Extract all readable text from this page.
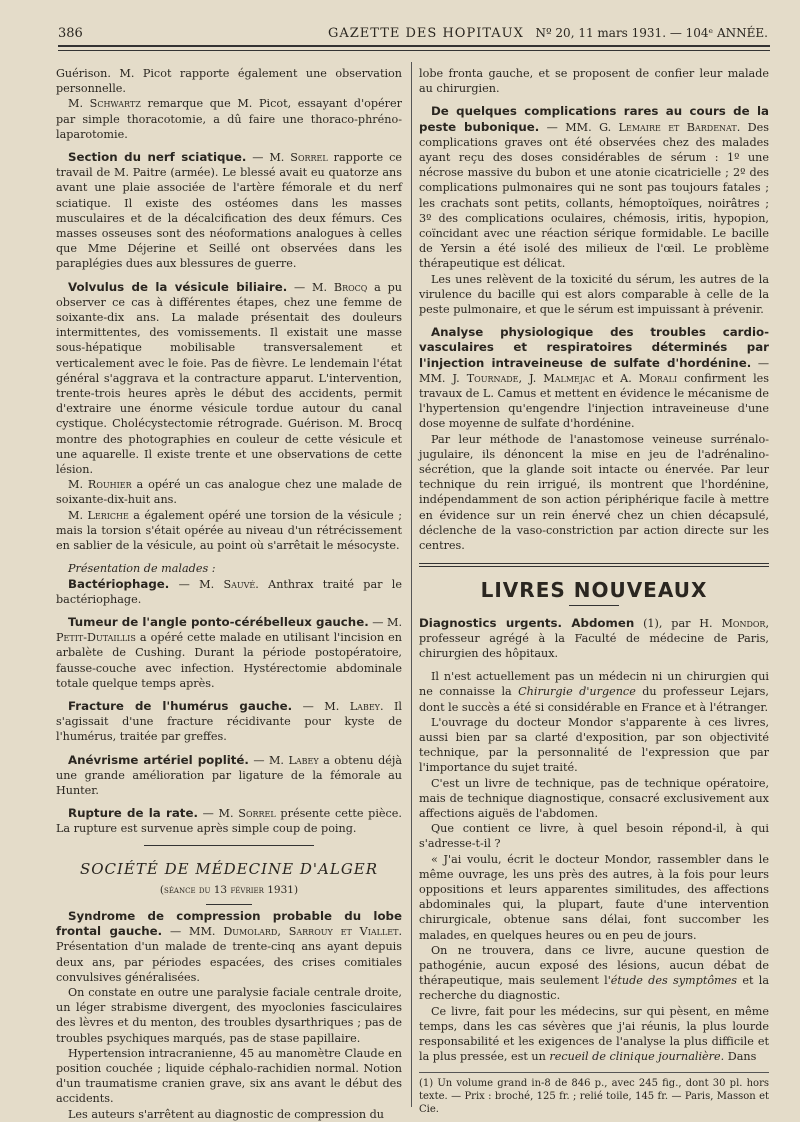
386	GAZETTE DES HOPITAUX Nº 20, 11 mars 1931. — 104ᵉ ANNÉE.

Guérison. M. Picot rapporte également une observation personnelle.

M. Schwartz remarque que M. Picot, essayant d'opérer par simple thoracotomie, a dû faire une thoraco-phréno-laparotomie.

Section du nerf sciatique. — M. Sorrel rapporte ce travail de M. Paitre (armée). Le blessé avait eu quatorze ans avant une plaie associée de l'artère fémorale et du nerf sciatique. Il existe des ostéomes dans les masses musculaires et de la décalcification des deux fémurs. Ces masses osseuses sont des néoformations analogues à celles que Mme Déjerine et Seillé ont observées dans les paraplégies dues aux blessures de guerre.

Volvulus de la vésicule biliaire. — M. Brocq a pu observer ce cas à différentes étapes, chez une femme de soixante-dix ans. La malade présentait des douleurs intermittentes, des vomissements. Il existait une masse sous-hépatique mobilisable transversalement et verticalement avec le foie. Pas de fièvre. Le lendemain l'état général s'aggrava et la contracture apparut. L'intervention, trente-trois heures après le début des accidents, permit d'extraire une énorme vésicule tordue autour du canal cystique. Cholécystectomie rétrograde. Guérison. M. Brocq montre des photographies en couleur de cette vésicule et une aquarelle. Il existe trente et une observations de cette lésion.

M. Rouhier a opéré un cas analogue chez une malade de soixante-dix-huit ans.

M. Leriche a également opéré une torsion de la vésicule ; mais la torsion s'était opérée au niveau d'un rétrécissement en sablier de la vésicule, au point où s'arrêtait le mésocyste.

Présentation de malades :

Bactériophage. — M. Sauvé. Anthrax traité par le bactériophage.

Tumeur de l'angle ponto-cérébelleux gauche. — M. Petit-Dutaillis a opéré cette malade en utilisant l'incision en arbalète de Cushing. Durant la période postopératoire, fausse-couche avec infection. Hystérectomie abdominale totale quelque temps après.

Fracture de l'humérus gauche. — M. Labey. Il s'agissait d'une fracture récidivante pour kyste de l'humérus, traitée par greffes.

Anévrisme artériel poplité. — M. Labey a obtenu déjà une grande amélioration par ligature de la fémorale au Hunter.

Rupture de la rate. — M. Sorrel présente cette pièce. La rupture est survenue après simple coup de poing.

SOCIÉTÉ DE MÉDECINE D'ALGER
(séance du 13 février 1931)

Syndrome de compression probable du lobe frontal gauche. — MM. Dumolard, Sarrouy et Viallet. Présentation d'un malade de trente-cinq ans ayant depuis deux ans, par périodes espacées, des crises comitiales convulsives généralisées.

On constate en outre une paralysie faciale centrale droite, un léger strabisme divergent, des myoclonies fasciculaires des lèvres et du menton, des troubles dysarthriques ; pas de troubles psychiques marqués, pas de stase papillaire.

Hypertension intracranienne, 45 au manomètre Claude en position couchée ; liquide céphalo-rachidien normal. Notion d'un traumatisme cranien grave, six ans avant le début des accidents.

Les auteurs s'arrêtent au diagnostic de compression du

lobe fronta gauche, et se proposent de confier leur malade au chirurgien.

De quelques complications rares au cours de la peste bubonique. — MM. G. Lemaire et Bardenat. Des complications graves ont été observées chez des malades ayant reçu des doses considérables de sérum : 1º une nécrose massive du bubon et une atonie cicatricielle ; 2º des complications pulmonaires qui ne sont pas toujours fatales ; les crachats sont petits, collants, hémoptoïques, noirâtres ; 3º des complications oculaires, chémosis, iritis, hypopion, coïncidant avec une réaction sérique formidable. Le bacille de Yersin a été isolé des milieux de l'œil. Le problème thérapeutique est délicat.

Les unes relèvent de la toxicité du sérum, les autres de la virulence du bacille qui est alors comparable à celle de la peste pulmonaire, et que le sérum est impuissant à prévenir.

Analyse physiologique des troubles cardio-vasculaires et respiratoires déterminés par l'injection intraveineuse de sulfate d'hordénine. — MM. J. Tournade, J. Malmejac et A. Morali confirment les travaux de L. Camus et mettent en évidence le mécanisme de l'hypertension qu'engendre l'injection intraveineuse d'une dose moyenne de sulfate d'hordénine.

Par leur méthode de l'anastomose veineuse surrénalo-jugulaire, ils dénoncent la mise en jeu de l'adrénalino-sécrétion, que la glande soit intacte ou énervée. Par leur technique du rein irrigué, ils montrent que l'hordénine, indépendamment de son action périphérique facile à mettre en évidence sur un rein énervé chez un chien décapsulé, déclenche de la vaso-constriction par action directe sur les centres.

LIVRES NOUVEAUX

Diagnostics urgents. Abdomen (1), par H. Mondor, professeur agrégé à la Faculté de médecine de Paris, chirurgien des hôpitaux.

Il n'est actuellement pas un médecin ni un chirurgien qui ne connaisse la Chirurgie d'urgence du professeur Lejars, dont le succès a été si considérable en France et à l'étranger.

L'ouvrage du docteur Mondor s'apparente à ces livres, aussi bien par sa clarté d'exposition, par son objectivité technique, par la personnalité de l'expression que par l'importance du sujet traité.

C'est un livre de technique, pas de technique opératoire, mais de technique diagnostique, consacré exclusivement aux affections aiguës de l'abdomen.

Que contient ce livre, à quel besoin répond-il, à qui s'adresse-t-il ?

« J'ai voulu, écrit le docteur Mondor, rassembler dans le même ouvrage, les uns près des autres, à la fois pour leurs oppositions et leurs apparentes similitudes, des affections abdominales qui, la plupart, faute d'une intervention chirurgicale, obtenue sans délai, font succomber les malades, en quelques heures ou en peu de jours.

On ne trouvera, dans ce livre, aucune question de pathogénie, aucun exposé des lésions, aucun débat de thérapeutique, mais seulement l'étude des symptômes et la recherche du diagnostic.

Ce livre, fait pour les médecins, sur qui pèsent, en même temps, dans les cas sévères que j'ai réunis, la plus lourde responsabilité et les exigences de l'analyse la plus difficile et la plus pressée, est un recueil de clinique journalière. Dans

(1) Un volume grand in-8 de 846 p., avec 245 fig., dont 30 pl. hors texte. — Prix : broché, 125 fr. ; relié toile, 145 fr. — Paris, Masson et Cie.
